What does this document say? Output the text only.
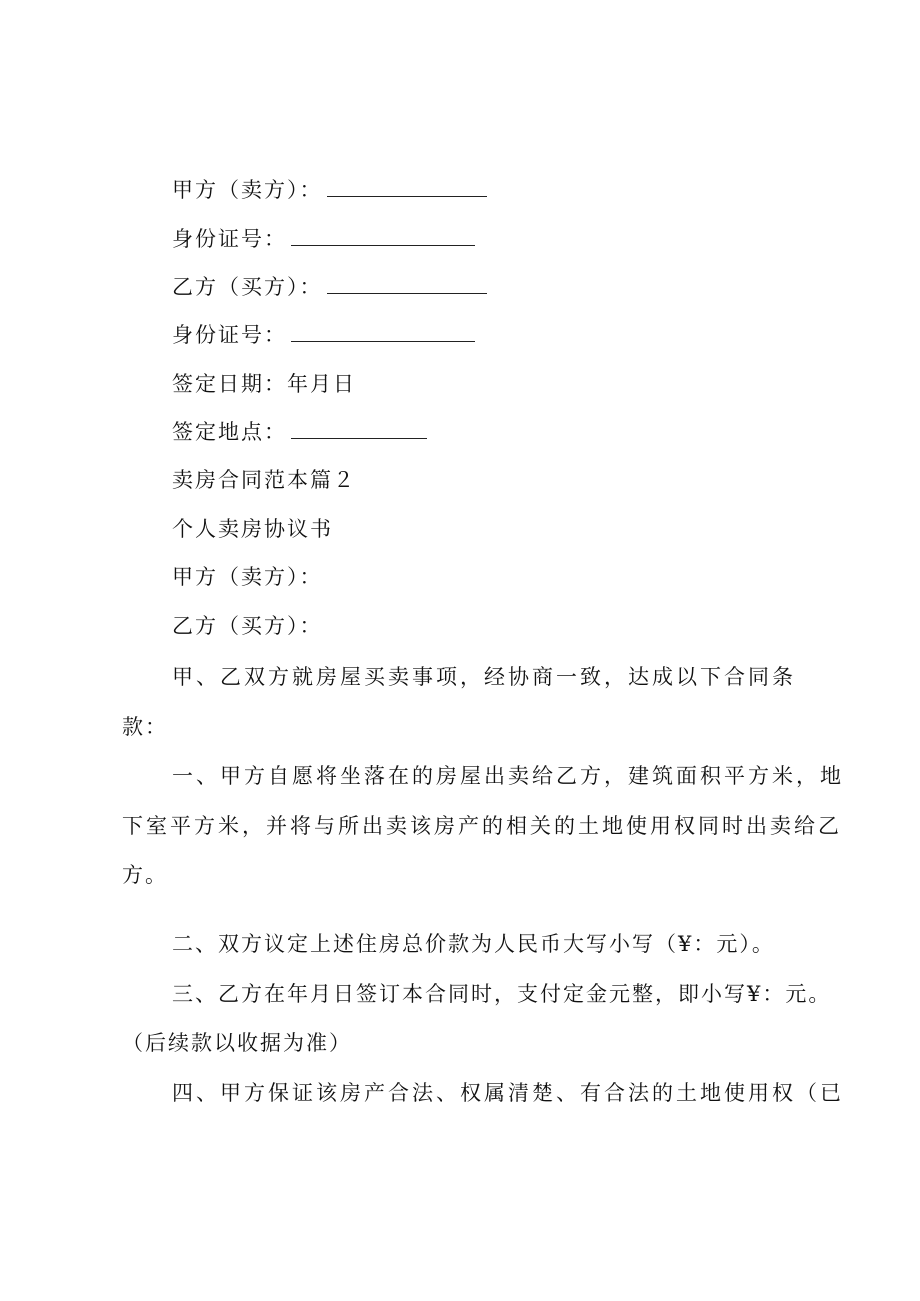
甲方（卖方）：
身份证号：
乙方（买方）：
身份证号：
签定日期：年月日
签定地点：
卖房合同范本篇２
个人卖房协议书
甲方（卖方）：
乙方（买方）：
甲、乙双方就房屋买卖事项，经协商一致，达成以下合同条
款：
一、甲方自愿将坐落在的房屋出卖给乙方，建筑面积平方米，地
下室平方米，并将与所出卖该房产的相关的土地使用权同时出卖给乙
方。
二、双方议定上述住房总价款为人民币大写小写（¥：元）。
三、乙方在年月日签订本合同时，支付定金元整，即小写¥：元。
（后续款以收据为准）
四、甲方保证该房产合法、权属清楚、有合法的土地使用权（已
